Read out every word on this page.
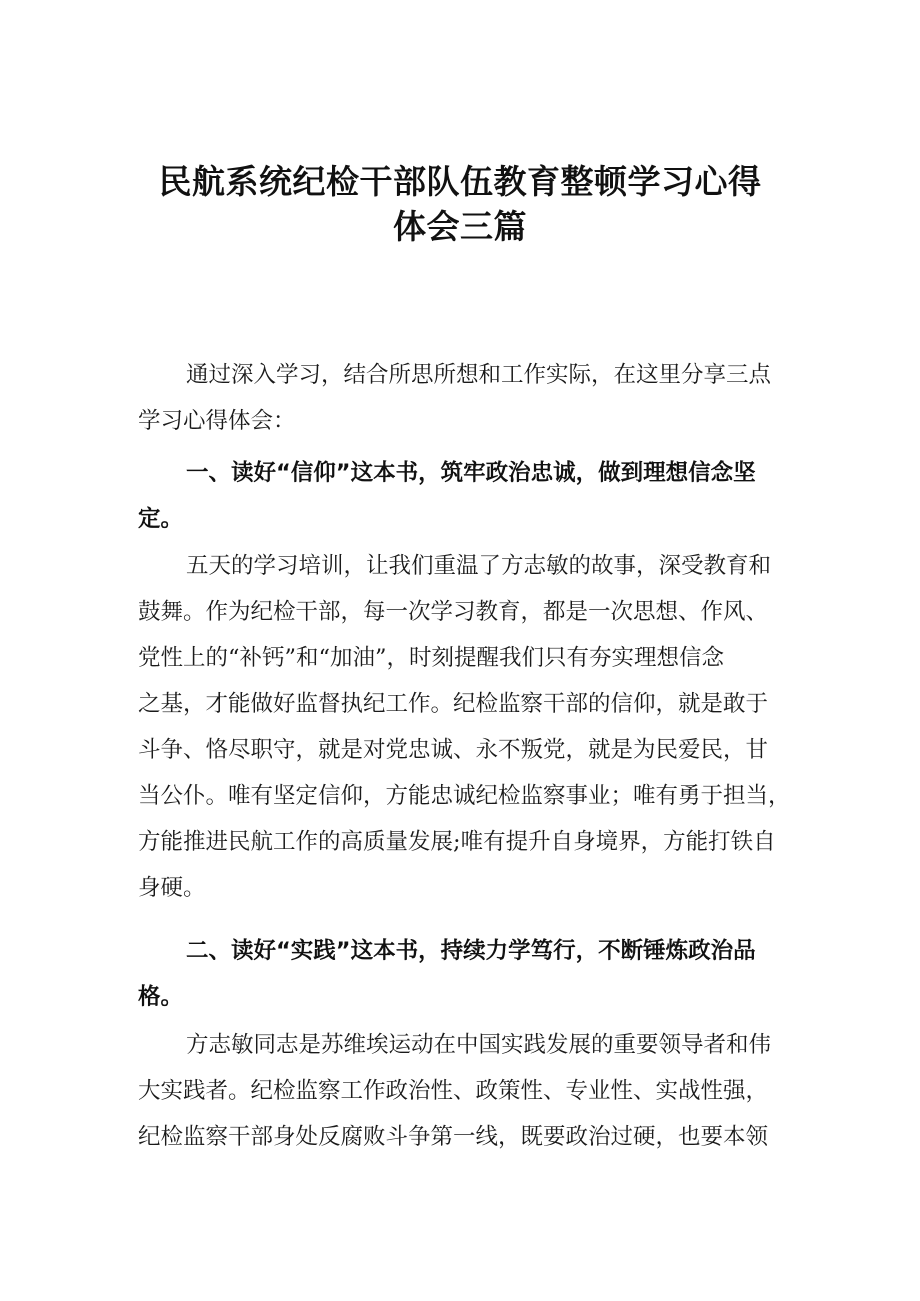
民航系统纪检干部队伍教育整顿学习心得
体会三篇

通过深入学习，结合所思所想和工作实际，在这里分享三点

学习心得体会：

一、读好“信仰”这本书，筑牢政治忠诚，做到理想信念坚

定。

五天的学习培训，让我们重温了方志敏的故事，深受教育和

鼓舞。作为纪检干部，每一次学习教育，都是一次思想、作风、

党性上的“补钙”和“加油”，时刻提醒我们只有夯实理想信念

之基，才能做好监督执纪工作。纪检监察干部的信仰，就是敢于

斗争、恪尽职守，就是对党忠诚、永不叛党，就是为民爱民，甘

当公仆。唯有坚定信仰，方能忠诚纪检监察事业；唯有勇于担当，

方能推进民航工作的高质量发展;唯有提升自身境界，方能打铁自

身硬。

二、读好“实践”这本书，持续力学笃行，不断锤炼政治品

格。

方志敏同志是苏维埃运动在中国实践发展的重要领导者和伟

大实践者。纪检监察工作政治性、政策性、专业性、实战性强，

纪检监察干部身处反腐败斗争第一线，既要政治过硬，也要本领
